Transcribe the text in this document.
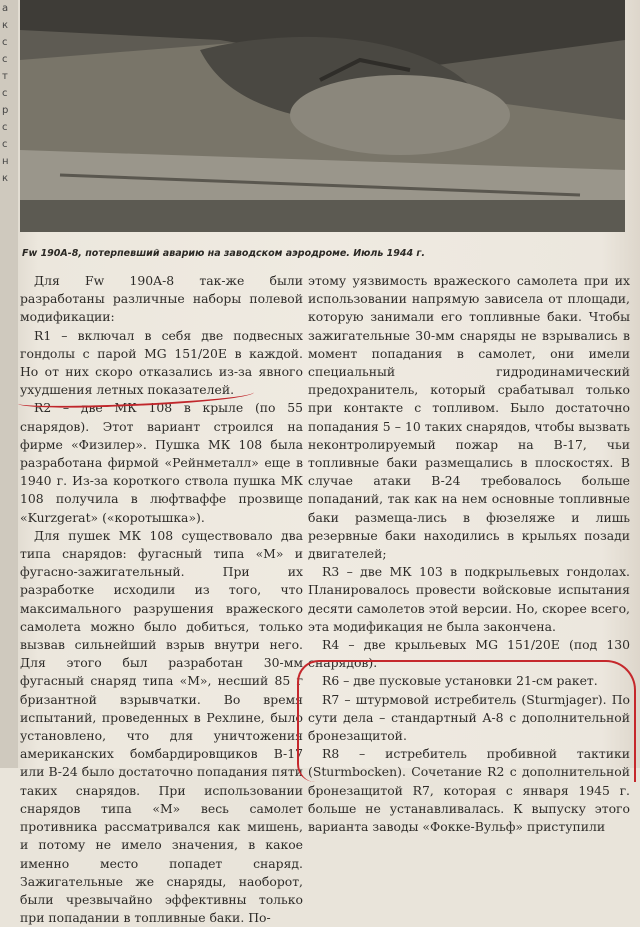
а
к
с
с
т
с
р
с
с
н
к
Fw 190A-8, потерпевший аварию на заводском аэродроме. Июль 1944 г.

Для Fw 190A-8 так-же были разработаны различные наборы полевой модификации:

R1 – включал в себя две подвесных гондолы с парой MG 151/20E в каждой. Но от них скоро отказались из-за явного ухудшения летных показателей.

R2 – две МК 108 в крыле (по 55 снарядов). Этот вариант строился на фирме «Физилер». Пушка МК 108 была разработана фирмой «Рейнметалл» еще в 1940 г. Из-за короткого ствола пушка МК 108 получила в люфтваффе прозвище «Kurzgerat» («коротышка»).

Для пушек МК 108 существовало два типа снарядов: фугасный типа «М» и фугасно-зажигательный. При их разработке исходили из того, что максимального разрушения вражеского самолета можно было добиться, только вызвав сильнейший взрыв внутри него. Для этого был разработан 30-мм фугасный снаряд типа «М», несший 85 г бризантной взрывчатки. Во время испытаний, проведенных в Рехлине, было установлено, что для уничтожения американских бомбардировщиков B-17 или B-24 было достаточно попадания пяти таких снарядов. При использовании снарядов типа «М» весь самолет противника рассматривался как мишень, и потому не имело значения, в какое именно место попадет снаряд. Зажигательные же снаряды, наоборот, были чрезвычайно эффективны только при попадании в топливные баки. По-

этому уязвимость вражеского самолета при их использовании напрямую зависела от площади, которую занимали его топливные баки. Чтобы зажигательные 30-мм снаряды не взрывались в момент попадания в самолет, они имели специальный гидродинамический предохранитель, который срабатывал только при контакте с топливом. Было достаточно попадания 5 – 10 таких снарядов, чтобы вызвать неконтролируемый пожар на B-17, чьи топливные баки размещались в плоскостях. В случае атаки B-24 требовалось больше попаданий, так как на нем основные топливные баки размеща-лись в фюзеляже и лишь резервные баки находились в крыльях позади двигателей;

R3 – две МК 103 в подкрыльевых гондолах. Планировалось провести войсковые испытания десяти самолетов этой версии. Но, скорее всего, эта модификация не была закончена.

R4 – две крыльевых MG 151/20E (под 130 снарядов).

R6 – две пусковые установки 21-см ракет.

R7 – штурмовой истребитель (Sturmjager). По сути дела – стандартный A-8 с дополнительной бронезащитой.

R8 – истребитель пробивной тактики (Sturmbocken). Сочетание R2 с дополнительной бронезащитой R7, которая с января 1945 г. больше не устанавливалась. К выпуску этого варианта заводы «Фокке-Вульф» приступили
